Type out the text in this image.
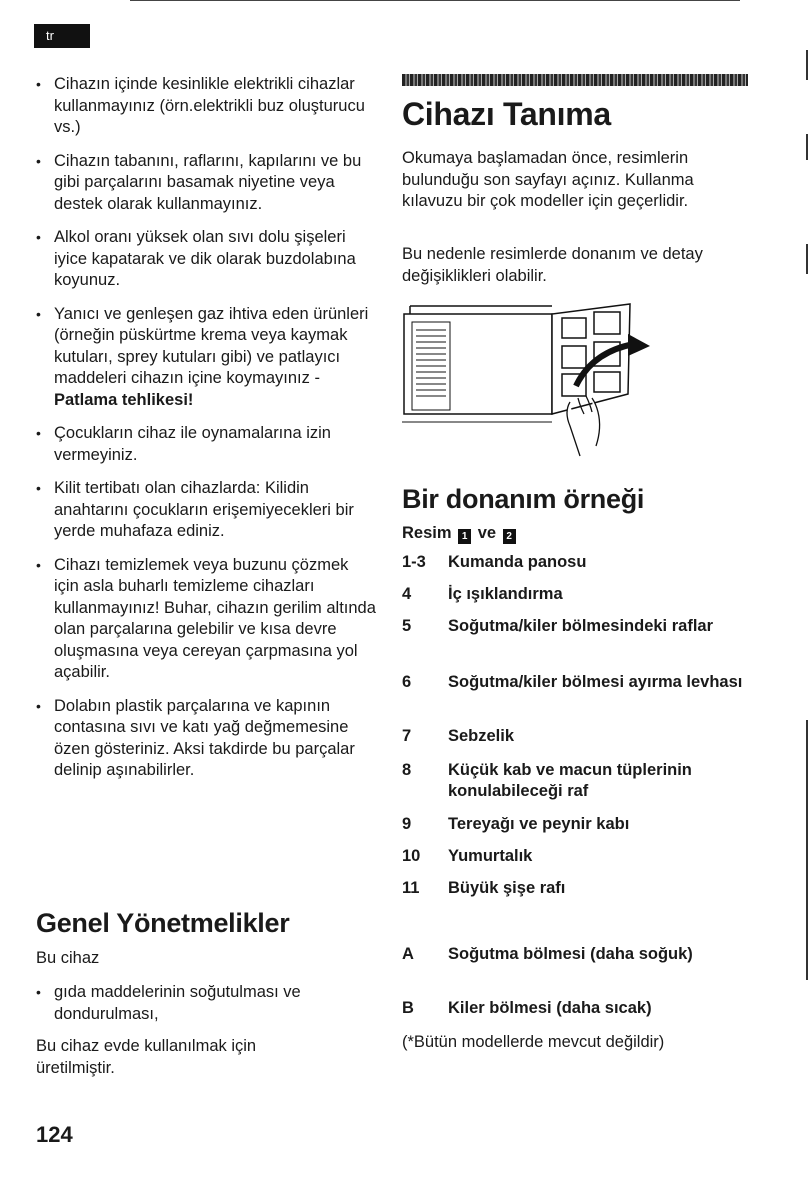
tr
• Cihazın içinde kesinlikle elektrikli cihazlar kullanmayınız (örn.elektrikli buz oluşturucu vs.)
• Cihazın tabanını, raflarını, kapılarını ve bu gibi parçalarını basamak niyetine veya destek olarak kullanmayınız.
• Alkol oranı yüksek olan sıvı dolu şişeleri iyice kapatarak ve dik olarak buzdolabına koyunuz.
• Yanıcı ve genleşen gaz ihtiva eden ürünleri (örneğin püskürtme krema veya kaymak kutuları, sprey kutuları gibi) ve patlayıcı maddeleri cihazın içine koymayınız - Patlama tehlikesi!
• Çocukların cihaz ile oynamalarına izin vermeyiniz.
• Kilit tertibatı olan cihazlarda: Kilidin anahtarını çocukların erişemiyecekleri bir yerde muhafaza ediniz.
• Cihazı temizlemek veya buzunu çözmek için asla buharlı temizleme cihazları kullanmayınız! Buhar, cihazın gerilim altında olan parçalarına gelebilir ve kısa devre oluşmasına veya cereyan çarpmasına yol açabilir.
• Dolabın plastik parçalarına ve kapının contasına sıvı ve katı yağ değmemesine özen gösteriniz. Aksi takdirde bu parçalar delinip aşınabilirler.
Genel Yönetmelikler

Bu cihaz

• gıda maddelerinin soğutulması ve dondurulması,

Bu cihaz evde kullanılmak için üretilmiştir.

124
Cihazı Tanıma

Okumaya başlamadan önce, resimlerin bulunduğu son sayfayı açınız. Kullanma kılavuzu bir çok modeller için geçerlidir.

Bu nedenle resimlerde donanım ve detay değişiklikleri olabilir.

Bir donanım örneği
Resim 1 ve 2
1-3	Kumanda panosu
4	İç ışıklandırma
5	Soğutma/kiler bölmesindeki raflar
6	Soğutma/kiler bölmesi ayırma levhası
7	Sebzelik
8	Küçük kab ve macun tüplerinin konulabileceği raf
9	Tereyağı ve peynir kabı
10	Yumurtalık
11	Büyük şişe rafı
A	Soğutma bölmesi (daha soğuk)
B	Kiler bölmesi (daha sıcak)

(*Bütün modellerde mevcut değildir)
